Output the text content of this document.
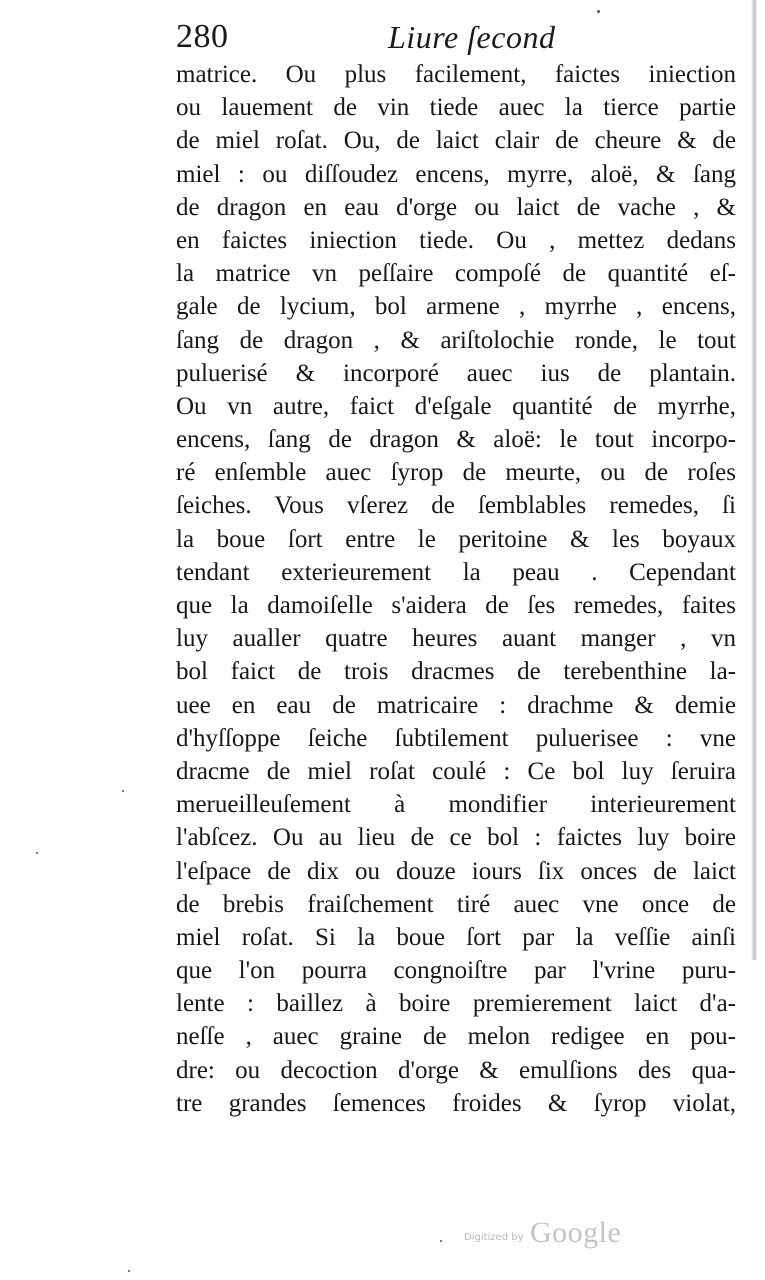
280	Liure ſecond
matrice. Ou plus facilement, faictes iniection
ou lauement de vin tiede auec la tierce partie
de miel roſat. Ou, de laict clair de cheure & de
miel : ou diſſoudez encens, myrre, aloë, & ſang
de dragon en eau d'orge ou laict de vache , &
en faictes iniection tiede. Ou , mettez dedans
la matrice vn peſſaire compoſé de quantité eſ-
gale de lycium, bol armene , myrrhe , encens,
ſang de dragon , & ariſtolochie ronde, le tout
puluerisé & incorporé auec ius de plantain.
Ou vn autre, faict d'eſgale quantité de myrrhe,
encens, ſang de dragon & aloë: le tout incorpo-
ré enſemble auec ſyrop de meurte, ou de roſes
ſeiches. Vous vſerez de ſemblables remedes, ſi
la boue ſort entre le peritoine & les boyaux
tendant exterieurement la peau . Cependant
que la damoiſelle s'aidera de ſes remedes, faites
luy aualler quatre heures auant manger , vn
bol faict de trois dracmes de terebenthine la-
uee en eau de matricaire : drachme & demie
d'hyſſoppe ſeiche ſubtilement puluerisee : vne
dracme de miel roſat coulé : Ce bol luy ſeruira
merueilleuſement à mondifier interieurement
l'abſcez. Ou au lieu de ce bol : faictes luy boire
l'eſpace de dix ou douze iours ſix onces de laict
de brebis fraiſchement tiré auec vne once de
miel roſat. Si la boue ſort par la veſſie ainſi
que l'on pourra congnoiſtre par l'vrine puru-
lente : baillez à boire premierement laict d'a-
neſſe , auec graine de melon redigee en pou-
dre: ou decoction d'orge & emulſions des qua-
tre grandes ſemences froides & ſyrop violat,
Digitized by Google
